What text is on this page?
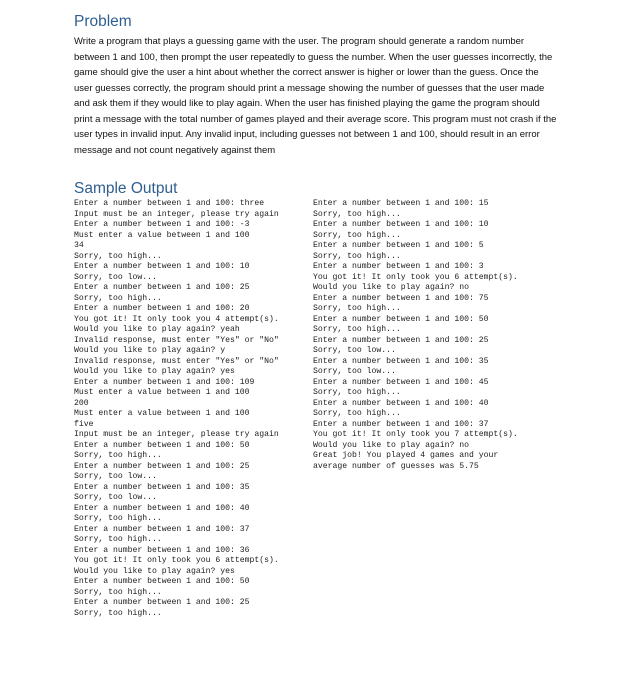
Problem

Write a program that plays a guessing game with the user. The program should generate a random number between 1 and 100, then prompt the user repeatedly to guess the number. When the user guesses incorrectly, the game should give the user a hint about whether the correct answer is higher or lower than the guess. Once the user guesses correctly, the program should print a message showing the number of guesses that the user made and ask them if they would like to play again. When the user has finished playing the game the program should print a message with the total number of games played and their average score. This program must not crash if the user types in invalid input. Any invalid input, including guesses not between 1 and 100, should result in an error message and not count negatively against them

Sample Output
Enter a number between 1 and 100: three
Input must be an integer, please try again
Enter a number between 1 and 100: -3
Must enter a value between 1 and 100
34
Sorry, too high...
Enter a number between 1 and 100: 10
Sorry, too low...
Enter a number between 1 and 100: 25
Sorry, too high...
Enter a number between 1 and 100: 20
You got it! It only took you 4 attempt(s).
Would you like to play again? yeah
Invalid response, must enter "Yes" or "No"
Would you like to play again? y
Invalid response, must enter "Yes" or "No"
Would you like to play again? yes
Enter a number between 1 and 100: 109
Must enter a value between 1 and 100
200
Must enter a value between 1 and 100
five
Input must be an integer, please try again
Enter a number between 1 and 100: 50
Sorry, too high...
Enter a number between 1 and 100: 25
Sorry, too low...
Enter a number between 1 and 100: 35
Sorry, too low...
Enter a number between 1 and 100: 40
Sorry, too high...
Enter a number between 1 and 100: 37
Sorry, too high...
Enter a number between 1 and 100: 36
You got it! It only took you 6 attempt(s).
Would you like to play again? yes
Enter a number between 1 and 100: 50
Sorry, too high...
Enter a number between 1 and 100: 25
Sorry, too high...
Enter a number between 1 and 100: 15
Sorry, too high...
Enter a number between 1 and 100: 10
Sorry, too high...
Enter a number between 1 and 100: 5
Sorry, too high...
Enter a number between 1 and 100: 3
You got it! It only took you 6 attempt(s).
Would you like to play again? no
Enter a number between 1 and 100: 75
Sorry, too high...
Enter a number between 1 and 100: 50
Sorry, too high...
Enter a number between 1 and 100: 25
Sorry, too low...
Enter a number between 1 and 100: 35
Sorry, too low...
Enter a number between 1 and 100: 45
Sorry, too high...
Enter a number between 1 and 100: 40
Sorry, too high...
Enter a number between 1 and 100: 37
You got it! It only took you 7 attempt(s).
Would you like to play again? no
Great job! You played 4 games and your
average number of guesses was 5.75
